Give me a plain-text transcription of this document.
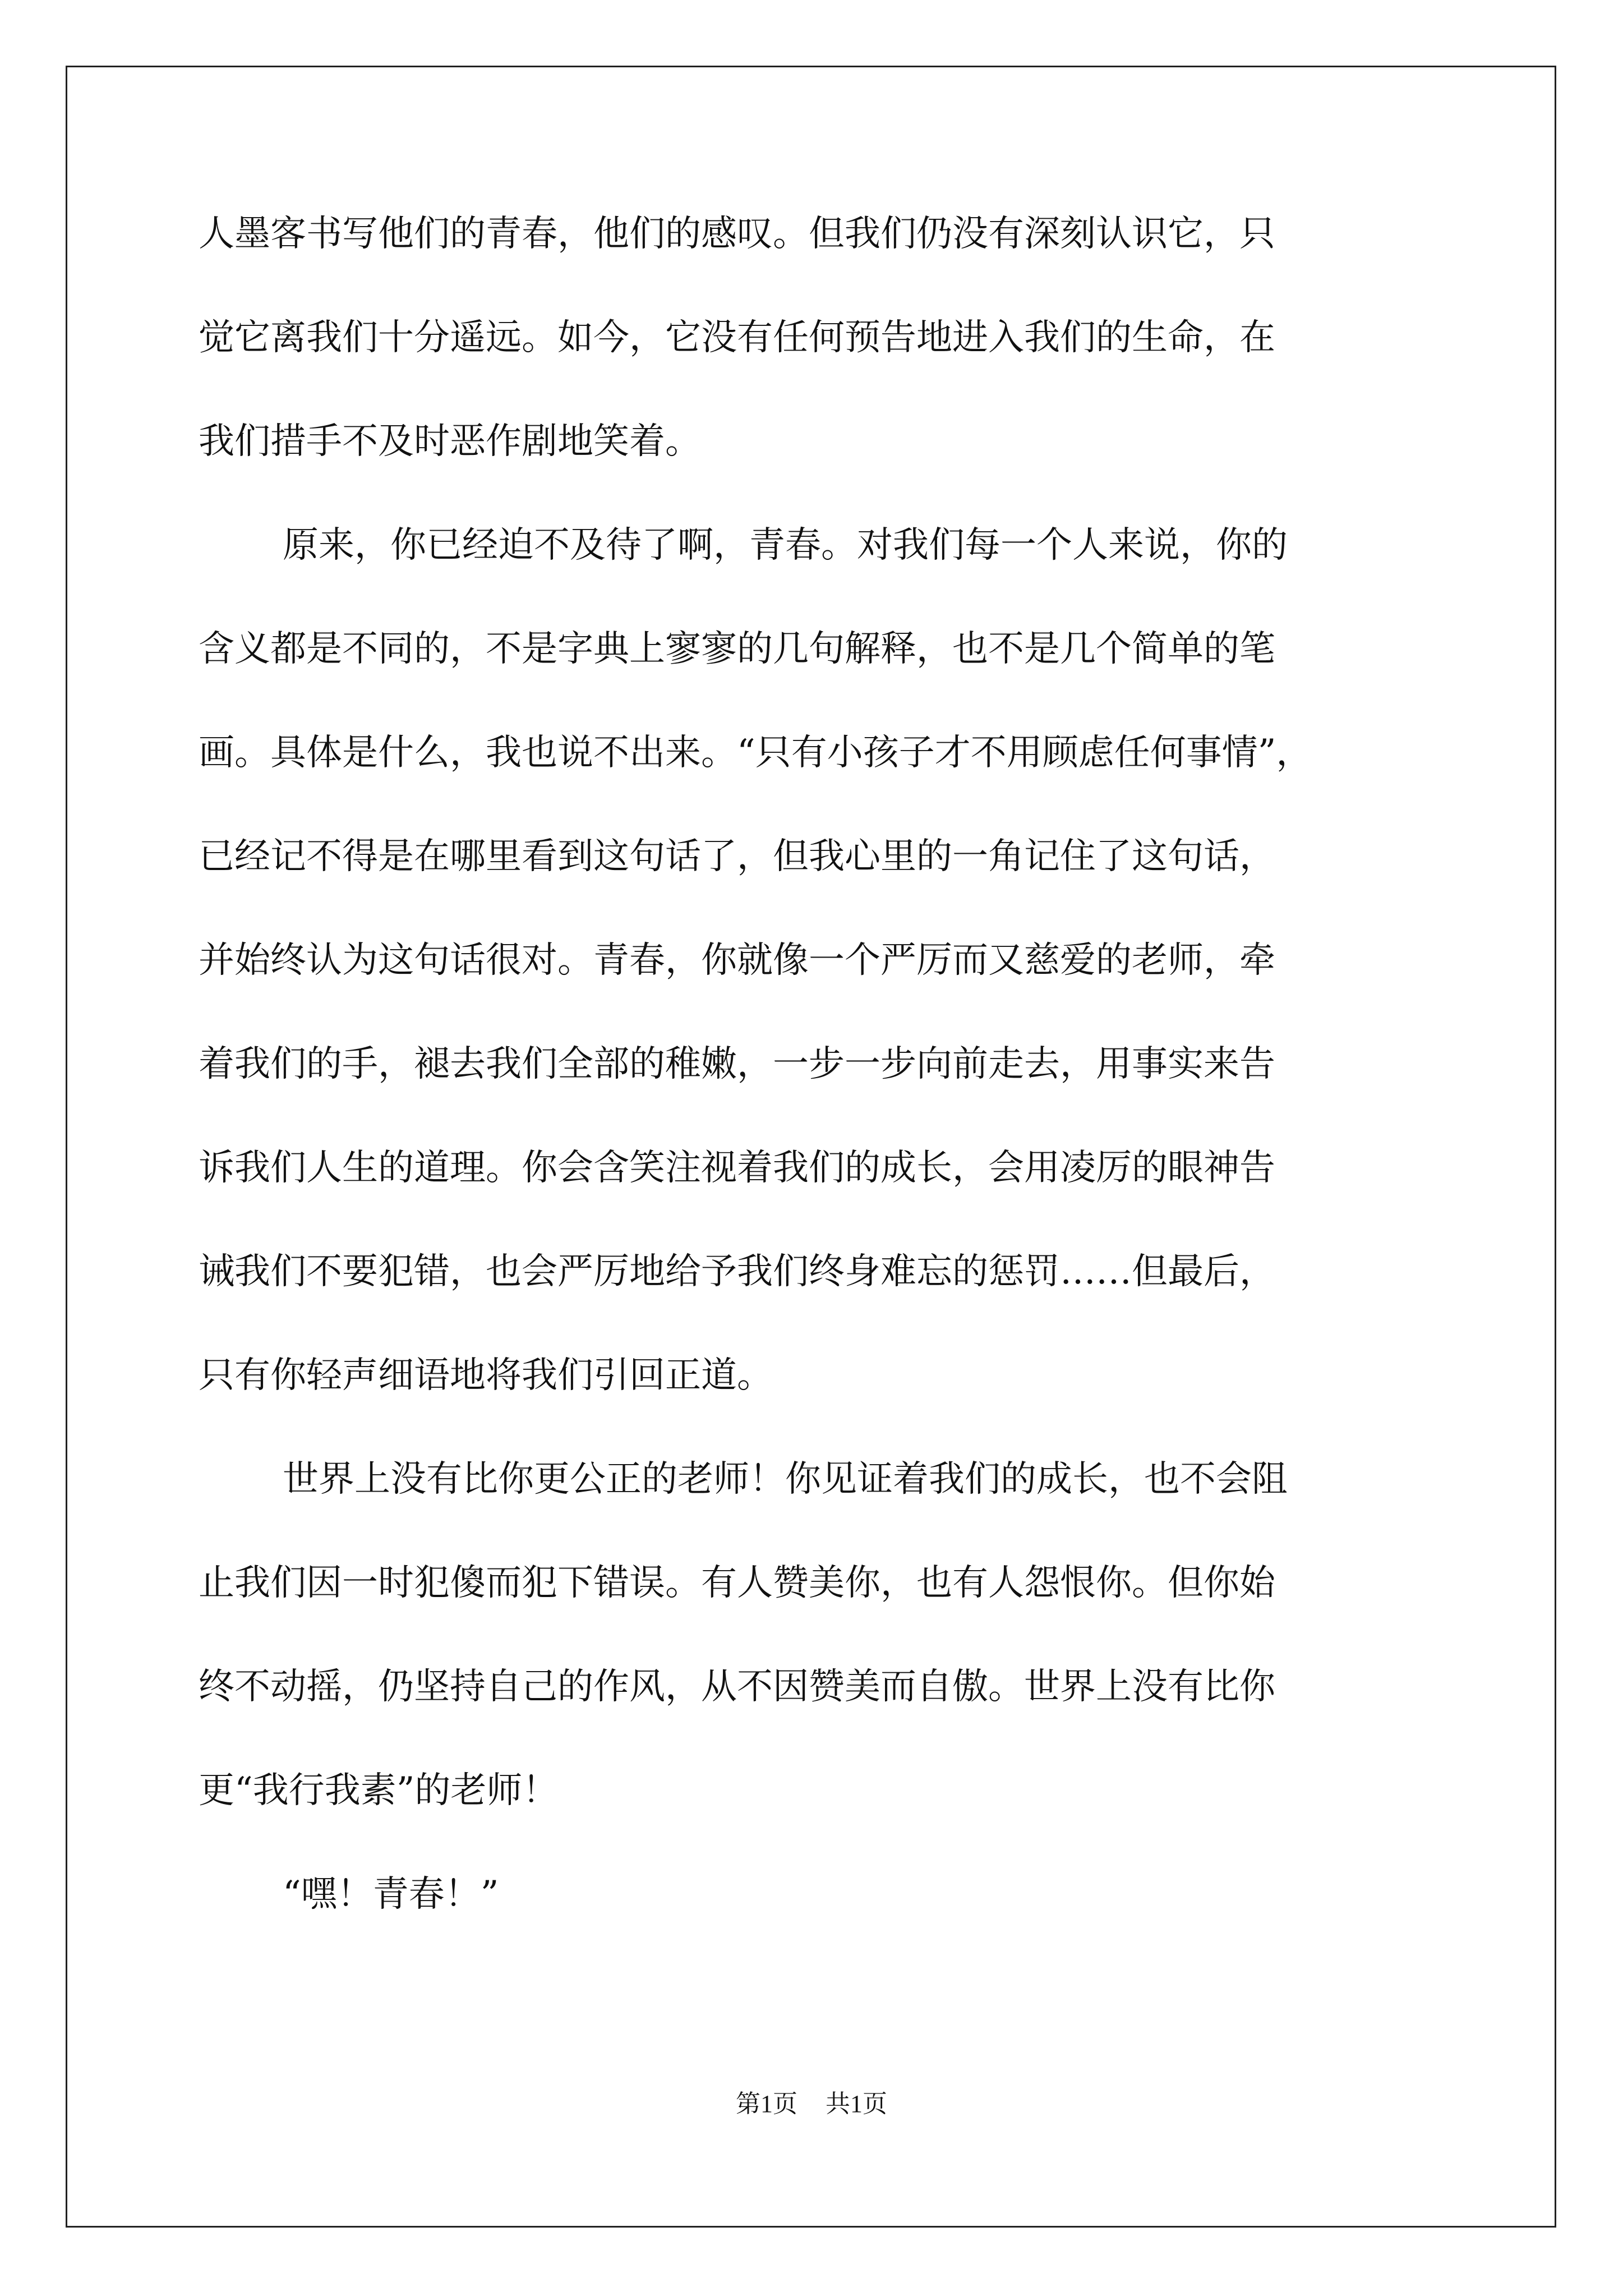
人墨客书写他们的青春，他们的感叹。但我们仍没有深刻认识它，只
觉它离我们十分遥远。如今，它没有任何预告地进入我们的生命，在
我们措手不及时恶作剧地笑着。
原来，你已经迫不及待了啊，青春。对我们每一个人来说，你的
含义都是不同的，不是字典上寥寥的几句解释，也不是几个简单的笔
画。具体是什么，我也说不出来。“只有小孩子才不用顾虑任何事情”，
已经记不得是在哪里看到这句话了，但我心里的一角记住了这句话，
并始终认为这句话很对。青春，你就像一个严厉而又慈爱的老师，牵
着我们的手，褪去我们全部的稚嫩，一步一步向前走去，用事实来告
诉我们人生的道理。你会含笑注视着我们的成长，会用凌厉的眼神告
诫我们不要犯错，也会严厉地给予我们终身难忘的惩罚……但最后，
只有你轻声细语地将我们引回正道。
世界上没有比你更公正的老师！你见证着我们的成长，也不会阻
止我们因一时犯傻而犯下错误。有人赞美你，也有人怨恨你。但你始
终不动摇，仍坚持自己的作风，从不因赞美而自傲。世界上没有比你
更“我行我素”的老师！
“嘿！青春！”
第1页 共1页
